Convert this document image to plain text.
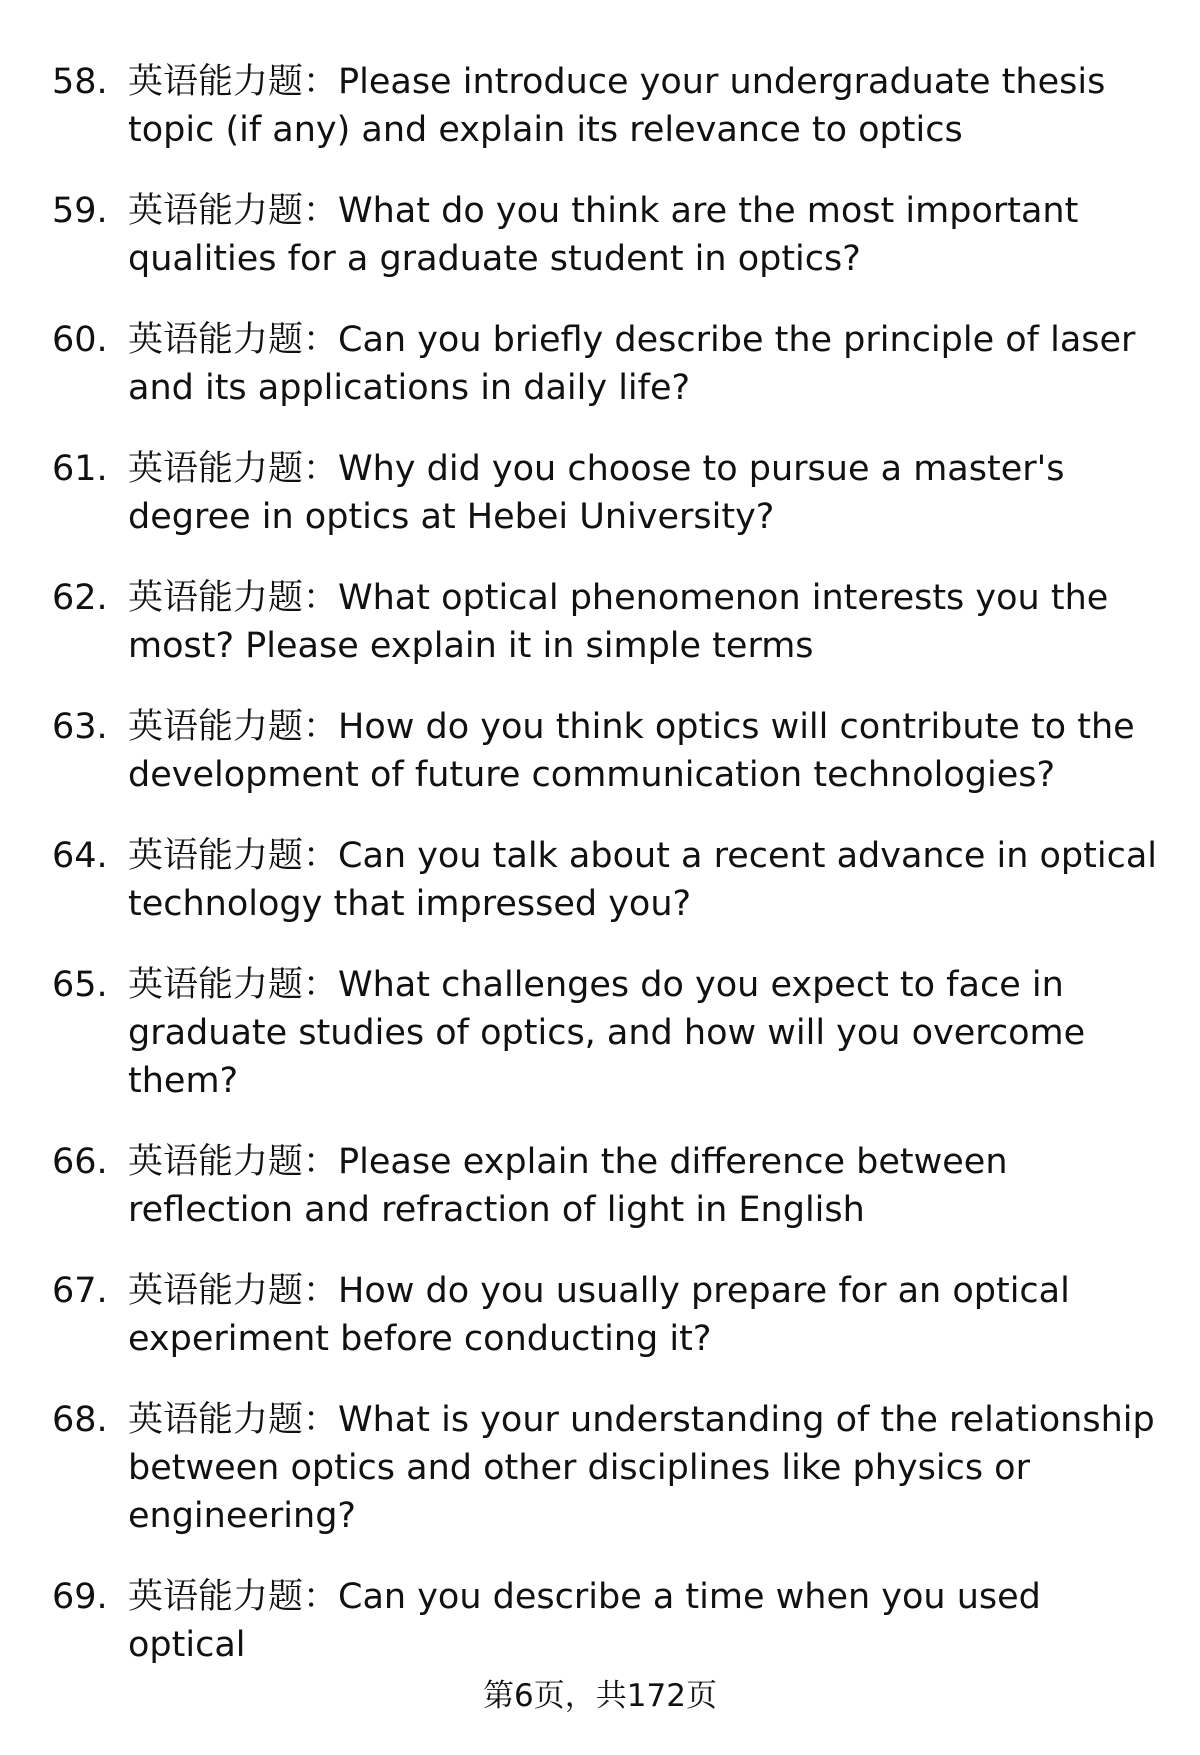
58. 英语能力题：Please introduce your undergraduate thesis topic (if any) and explain its relevance to optics
59. 英语能力题：What do you think are the most important qualities for a graduate student in optics?
60. 英语能力题：Can you briefly describe the principle of laser and its applications in daily life?
61. 英语能力题：Why did you choose to pursue a master's degree in optics at Hebei University?
62. 英语能力题：What optical phenomenon interests you the most? Please explain it in simple terms
63. 英语能力题：How do you think optics will contribute to the development of future communication technologies?
64. 英语能力题：Can you talk about a recent advance in optical technology that impressed you?
65. 英语能力题：What challenges do you expect to face in graduate studies of optics, and how will you overcome them?
66. 英语能力题：Please explain the difference between reflection and refraction of light in English
67. 英语能力题：How do you usually prepare for an optical experiment before conducting it?
68. 英语能力题：What is your understanding of the relationship between optics and other disciplines like physics or engineering?
69. 英语能力题：Can you describe a time when you used optical
第6页，共172页
